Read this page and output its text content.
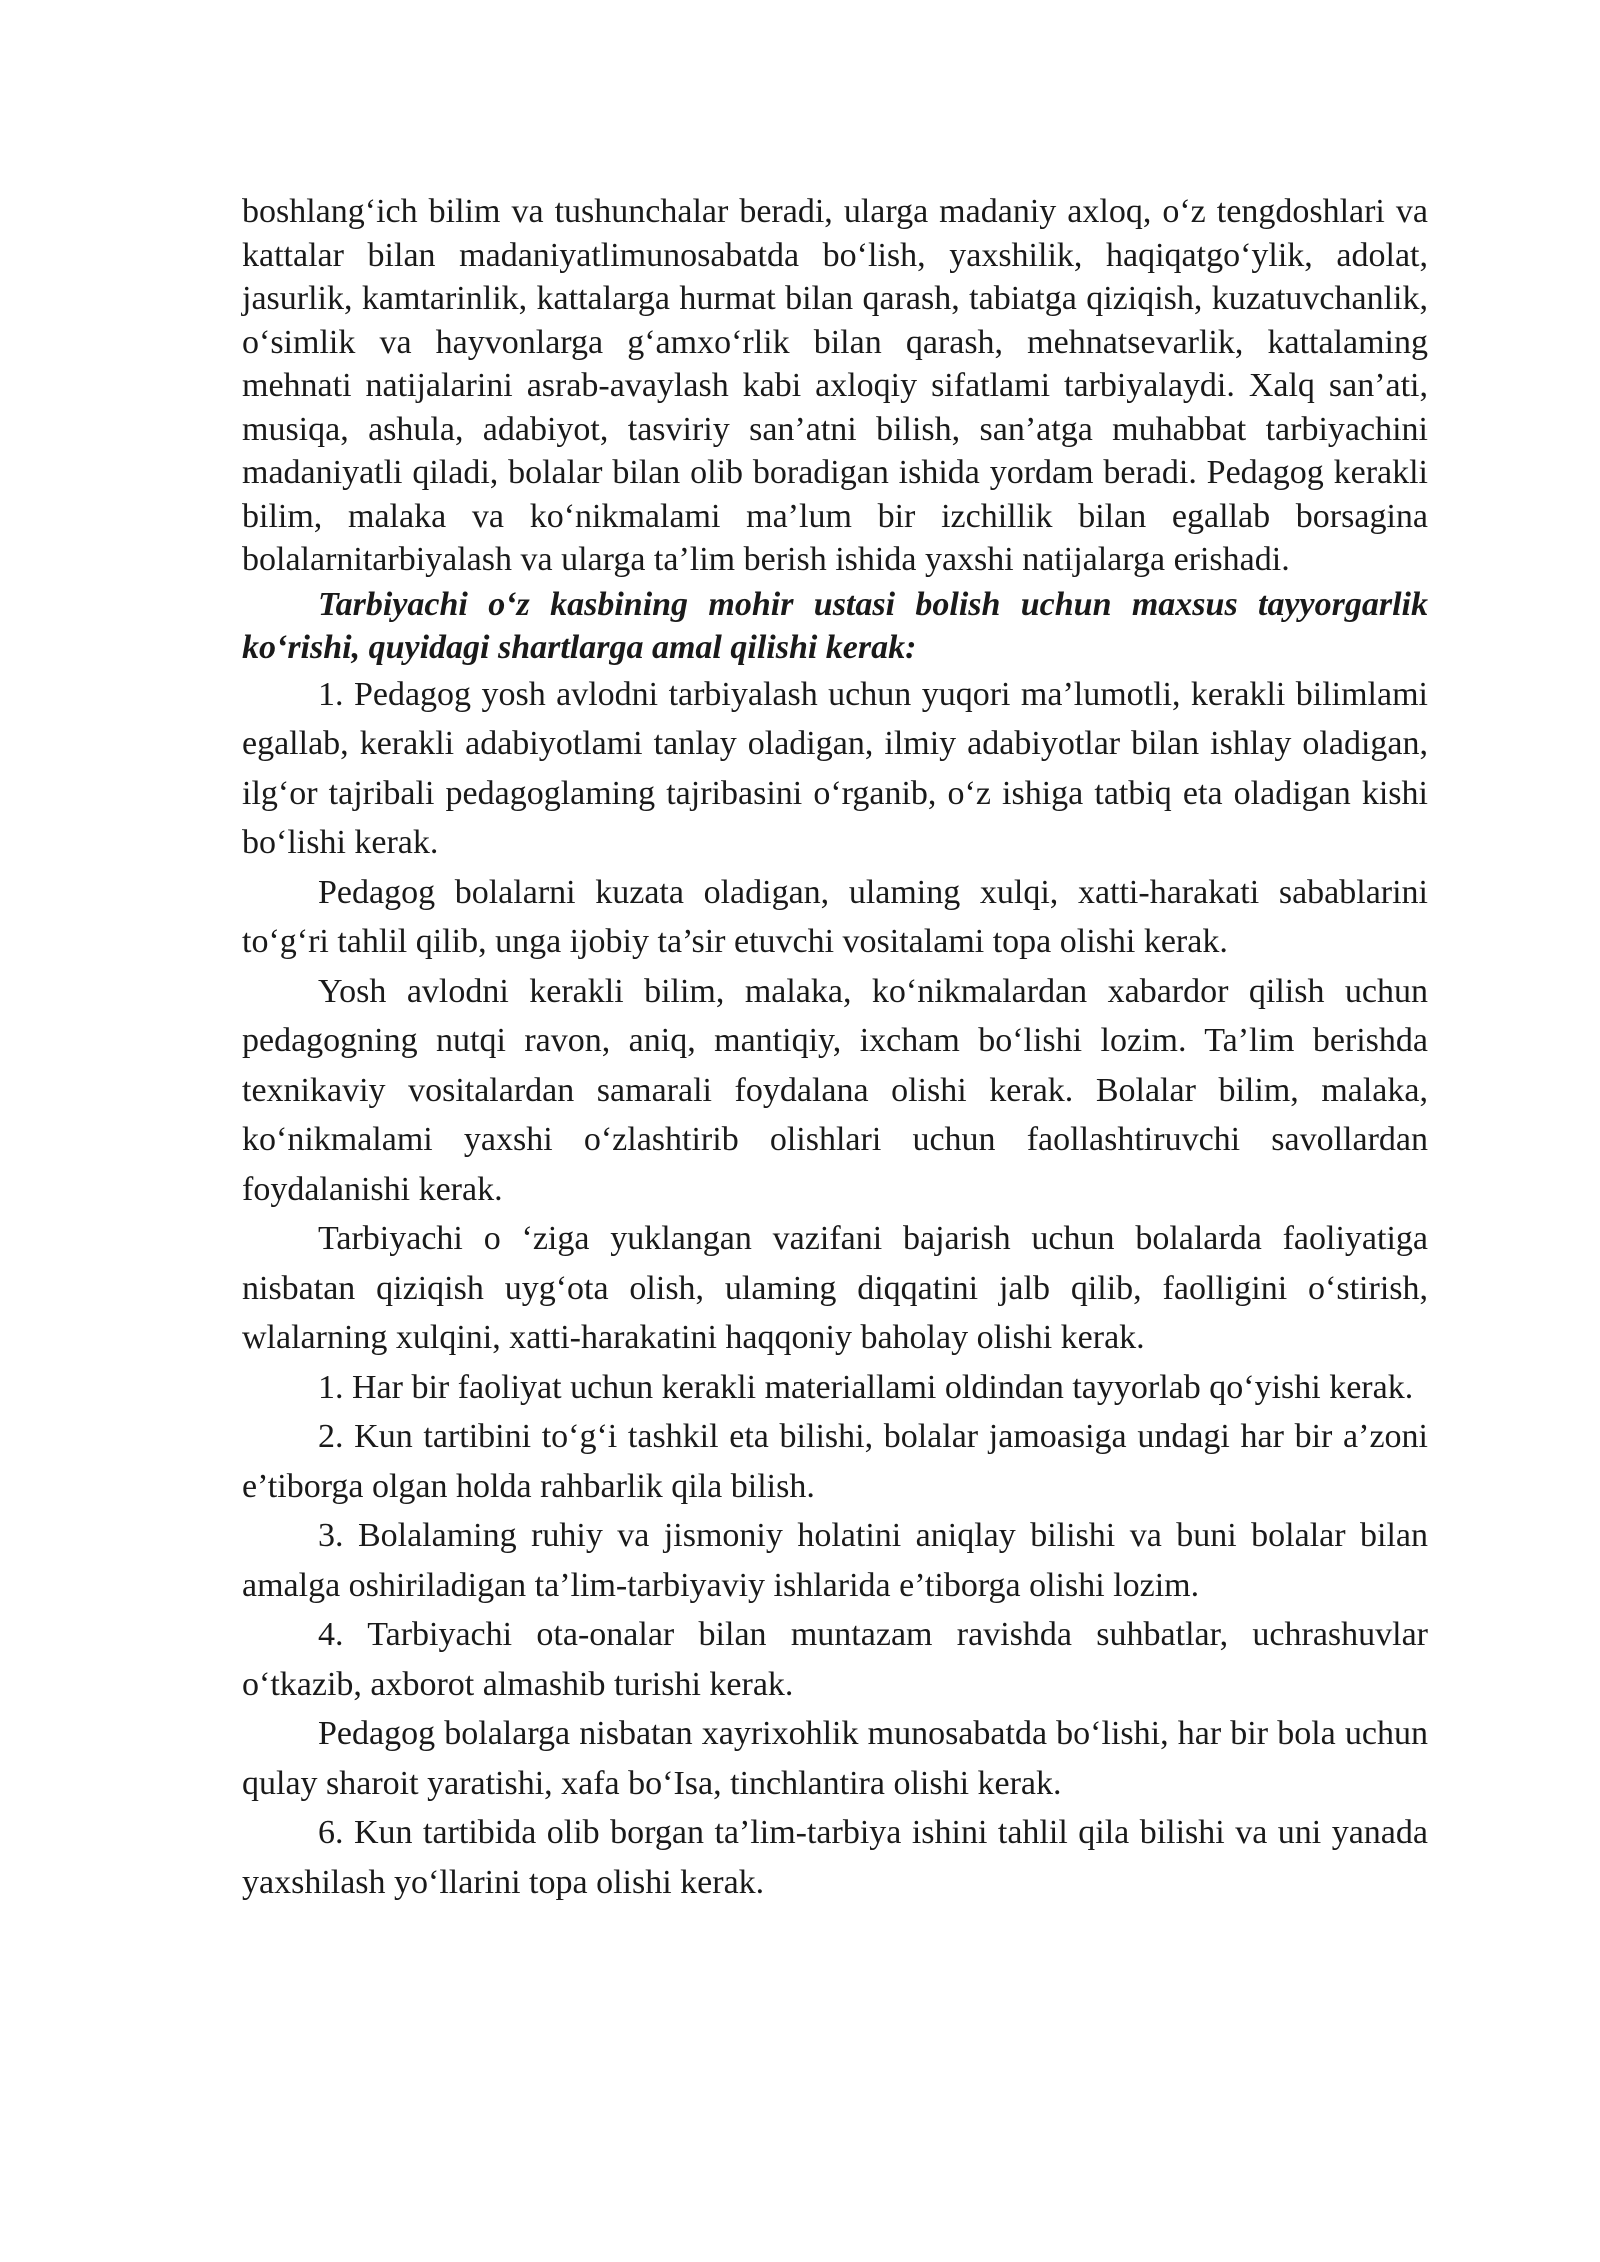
boshlang‘ich bilim va tushunchalar beradi, ularga madaniy axloq, o‘z tengdoshlari va kattalar bilan madaniyatlimunosabatda bo‘lish, yaxshilik, haqiqatgo‘ylik, adolat, jasurlik, kamtarinlik, kattalarga hurmat bilan qarash, tabiatga qiziqish, kuzatuvchanlik, o‘simlik va hayvonlarga g‘amxo‘rlik bilan qarash, mehnatsevarlik, kattalaming mehnati natijalarini asrab-avaylash kabi axloqiy sifatlami tarbiyalaydi. Xalq san’ati, musiqa, ashula, adabiyot, tasviriy san’atni bilish, san’atga muhabbat tarbiyachini madaniyatli qiladi, bolalar bilan olib boradigan ishida yordam beradi. Pedagog kerakli bilim, malaka va ko‘nikmalami ma’lum bir izchillik bilan egallab borsagina bolalarnitarbiyalash va ularga ta’lim berish ishida yaxshi natijalarga erishadi.

Tarbiyachi o‘z kasbining mohir ustasi bolish uchun maxsus tayyorgarlik ko‘rishi, quyidagi shartlarga amal qilishi kerak:

1. Pedagog yosh avlodni tarbiyalash uchun yuqori ma’lumotli, kerakli bilimlami egallab, kerakli adabiyotlami tanlay oladigan, ilmiy adabiyotlar bilan ishlay oladigan, ilg‘or tajribali pedagoglaming tajribasini o‘rganib, o‘z ishiga tatbiq eta oladigan kishi bo‘lishi kerak.

Pedagog bolalarni kuzata oladigan, ulaming xulqi, xatti-harakati sabablarini to‘g‘ri tahlil qilib, unga ijobiy ta’sir etuvchi vositalami topa olishi kerak.

Yosh avlodni kerakli bilim, malaka, ko‘nikmalardan xabardor qilish uchun pedagogning nutqi ravon, aniq, mantiqiy, ixcham bo‘lishi lozim. Ta’lim berishda texnikaviy vositalardan samarali foydalana olishi kerak. Bolalar bilim, malaka, ko‘nikmalami yaxshi o‘zlashtirib olishlari uchun faollashtiruvchi savollardan foydalanishi kerak.

Tarbiyachi o ‘ziga yuklangan vazifani bajarish uchun bolalarda faoliyatiga nisbatan qiziqish uyg‘ota olish, ulaming diqqatini jalb qilib, faolligini o‘stirish, wlalarning xulqini, xatti-harakatini haqqoniy baholay olishi kerak.

1. Har bir faoliyat uchun kerakli materiallami oldindan tayyorlab qo‘yishi kerak.

2. Kun tartibini to‘g‘i tashkil eta bilishi, bolalar jamoasiga undagi har bir a’zoni e’tiborga olgan holda rahbarlik qila bilish.

3. Bolalaming ruhiy va jismoniy holatini aniqlay bilishi va buni bolalar bilan amalga oshiriladigan ta’lim-tarbiyaviy ishlarida e’tiborga olishi lozim.

4. Tarbiyachi ota-onalar bilan muntazam ravishda suhbatlar, uchrashuvlar o‘tkazib, axborot almashib turishi kerak.

Pedagog bolalarga nisbatan xayrixohlik munosabatda bo‘lishi, har bir bola uchun qulay sharoit yaratishi, xafa bo‘Isa, tinchlantira olishi kerak.

6. Kun tartibida olib borgan ta’lim-tarbiya ishini tahlil qila bilishi va uni yanada yaxshilash yo‘llarini topa olishi kerak.
